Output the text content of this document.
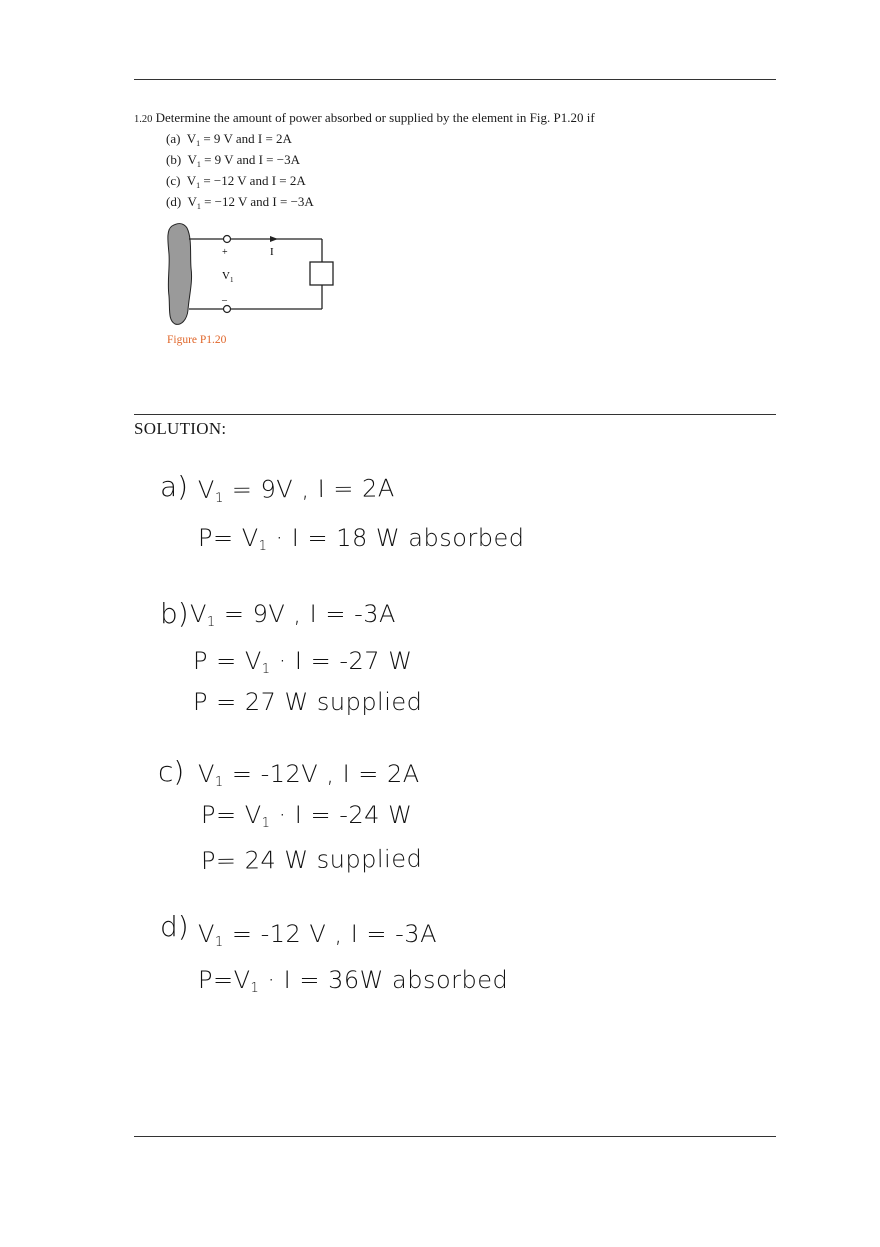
1.20 Determine the amount of power absorbed or supplied by the element in Fig. P1.20 if
(a) $V_1 = 9$ V and I = 2A
(b) $V_1 = 9$ V and I = −3A
(c) $V_1 = -12$ V and I = 2A
(d) $V_1 = -12$ V and I = −3A
+	I
$V_1$
_
Figure P1.20
SOLUTION:
a) $V_1 = 9V$ , I = 2A
$P= V_1 \cdot I = 18$ W absorbed
b) $V_1 = 9V$ , I = -3A
$P = V_1 \cdot I = -27$ W
P = 27 W supplied
c) $V_1 = -12V$ , I = 2A
$P= V_1 \cdot I = -24$ W
P= 24 W supplied
d) $V_1 = -12$ V , I = -3A
$P=V_1 \cdot I = 36W$ absorbed
